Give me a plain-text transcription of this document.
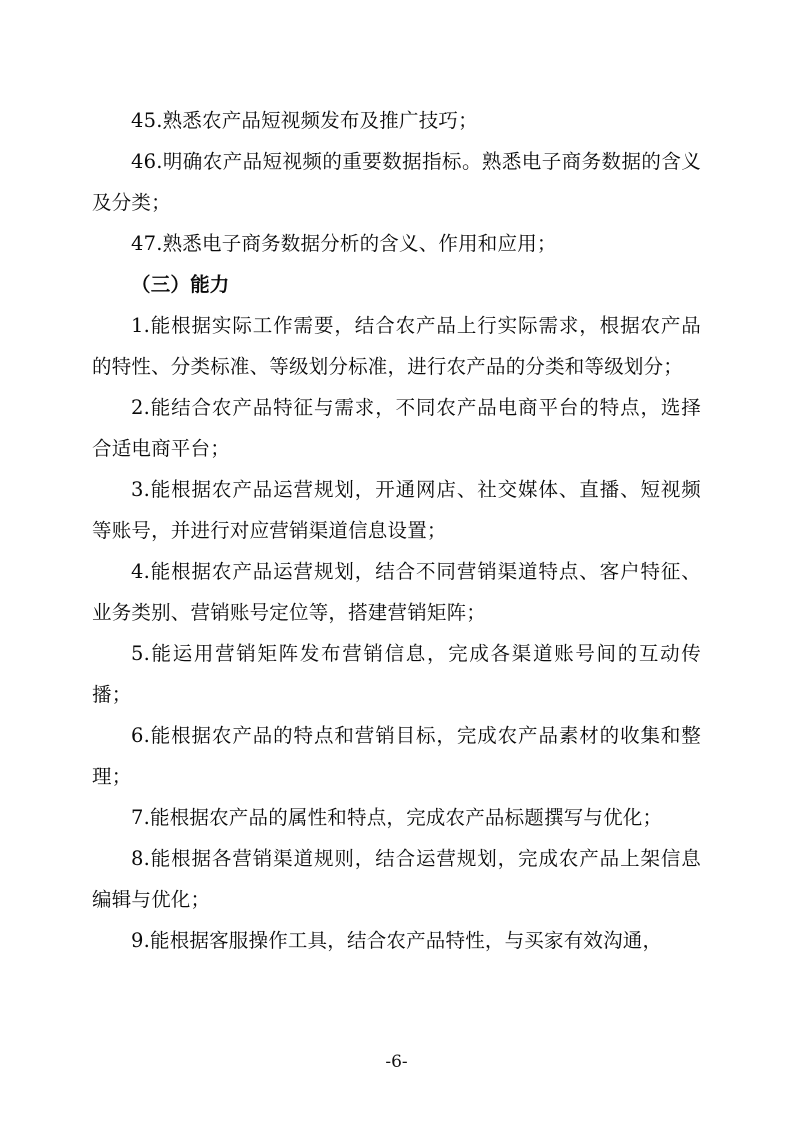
45.熟悉农产品短视频发布及推广技巧；

46.明确农产品短视频的重要数据指标。熟悉电子商务数据的含义及分类；

47.熟悉电子商务数据分析的含义、作用和应用；

（三）能力

1.能根据实际工作需要，结合农产品上行实际需求，根据农产品的特性、分类标准、等级划分标准，进行农产品的分类和等级划分；

2.能结合农产品特征与需求，不同农产品电商平台的特点，选择合适电商平台；

3.能根据农产品运营规划，开通网店、社交媒体、直播、短视频等账号，并进行对应营销渠道信息设置；

4.能根据农产品运营规划，结合不同营销渠道特点、客户特征、业务类别、营销账号定位等，搭建营销矩阵；

5.能运用营销矩阵发布营销信息，完成各渠道账号间的互动传播；

6.能根据农产品的特点和营销目标，完成农产品素材的收集和整理；

7.能根据农产品的属性和特点，完成农产品标题撰写与优化；

8.能根据各营销渠道规则，结合运营规划，完成农产品上架信息编辑与优化；

9.能根据客服操作工具，结合农产品特性，与买家有效沟通，

-6-
